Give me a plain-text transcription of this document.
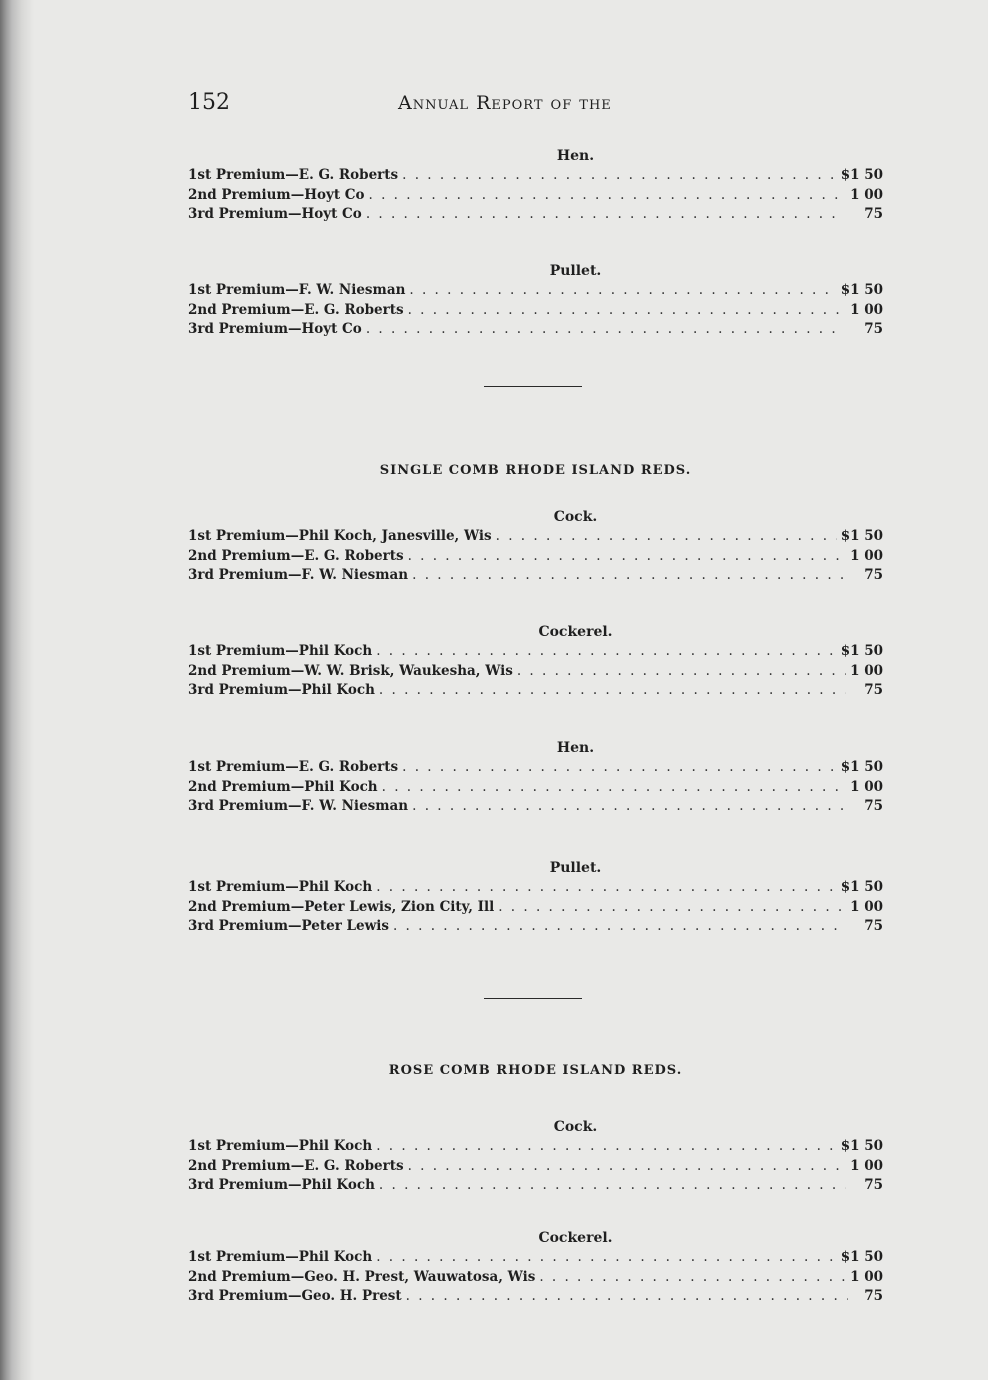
152	Annual Report of the
Hen.
1st Premium—E. G. Roberts . . .	$1 50
2nd Premium—Hoyt Co . . .	1 00
3rd Premium—Hoyt Co . . .	75
Pullet.
1st Premium—F. W. Niesman . . .	$1 50
2nd Premium—E. G. Roberts . . .	1 00
3rd Premium—Hoyt Co . . .	75
SINGLE COMB RHODE ISLAND REDS.
Cock.
1st Premium—Phil Koch, Janesville, Wis . . .	$1 50
2nd Premium—E. G. Roberts . . .	1 00
3rd Premium—F. W. Niesman . . .	75
Cockerel.
1st Premium—Phil Koch . . .	$1 50
2nd Premium—W. W. Brisk, Waukesha, Wis . . .	1 00
3rd Premium—Phil Koch . . .	75
Hen.
1st Premium—E. G. Roberts . . .	$1 50
2nd Premium—Phil Koch . . .	1 00
3rd Premium—F. W. Niesman . . .	75
Pullet.
1st Premium—Phil Koch . . .	$1 50
2nd Premium—Peter Lewis, Zion City, Ill . . .	1 00
3rd Premium—Peter Lewis . . .	75
ROSE COMB RHODE ISLAND REDS.
Cock.
1st Premium—Phil Koch . . .	$1 50
2nd Premium—E. G. Roberts . . .	1 00
3rd Premium—Phil Koch . . .	75
Cockerel.
1st Premium—Phil Koch . . .	$1 50
2nd Premium—Geo. H. Prest, Wauwatosa, Wis . . .	1 00
3rd Premium—Geo. H. Prest . . .	75
